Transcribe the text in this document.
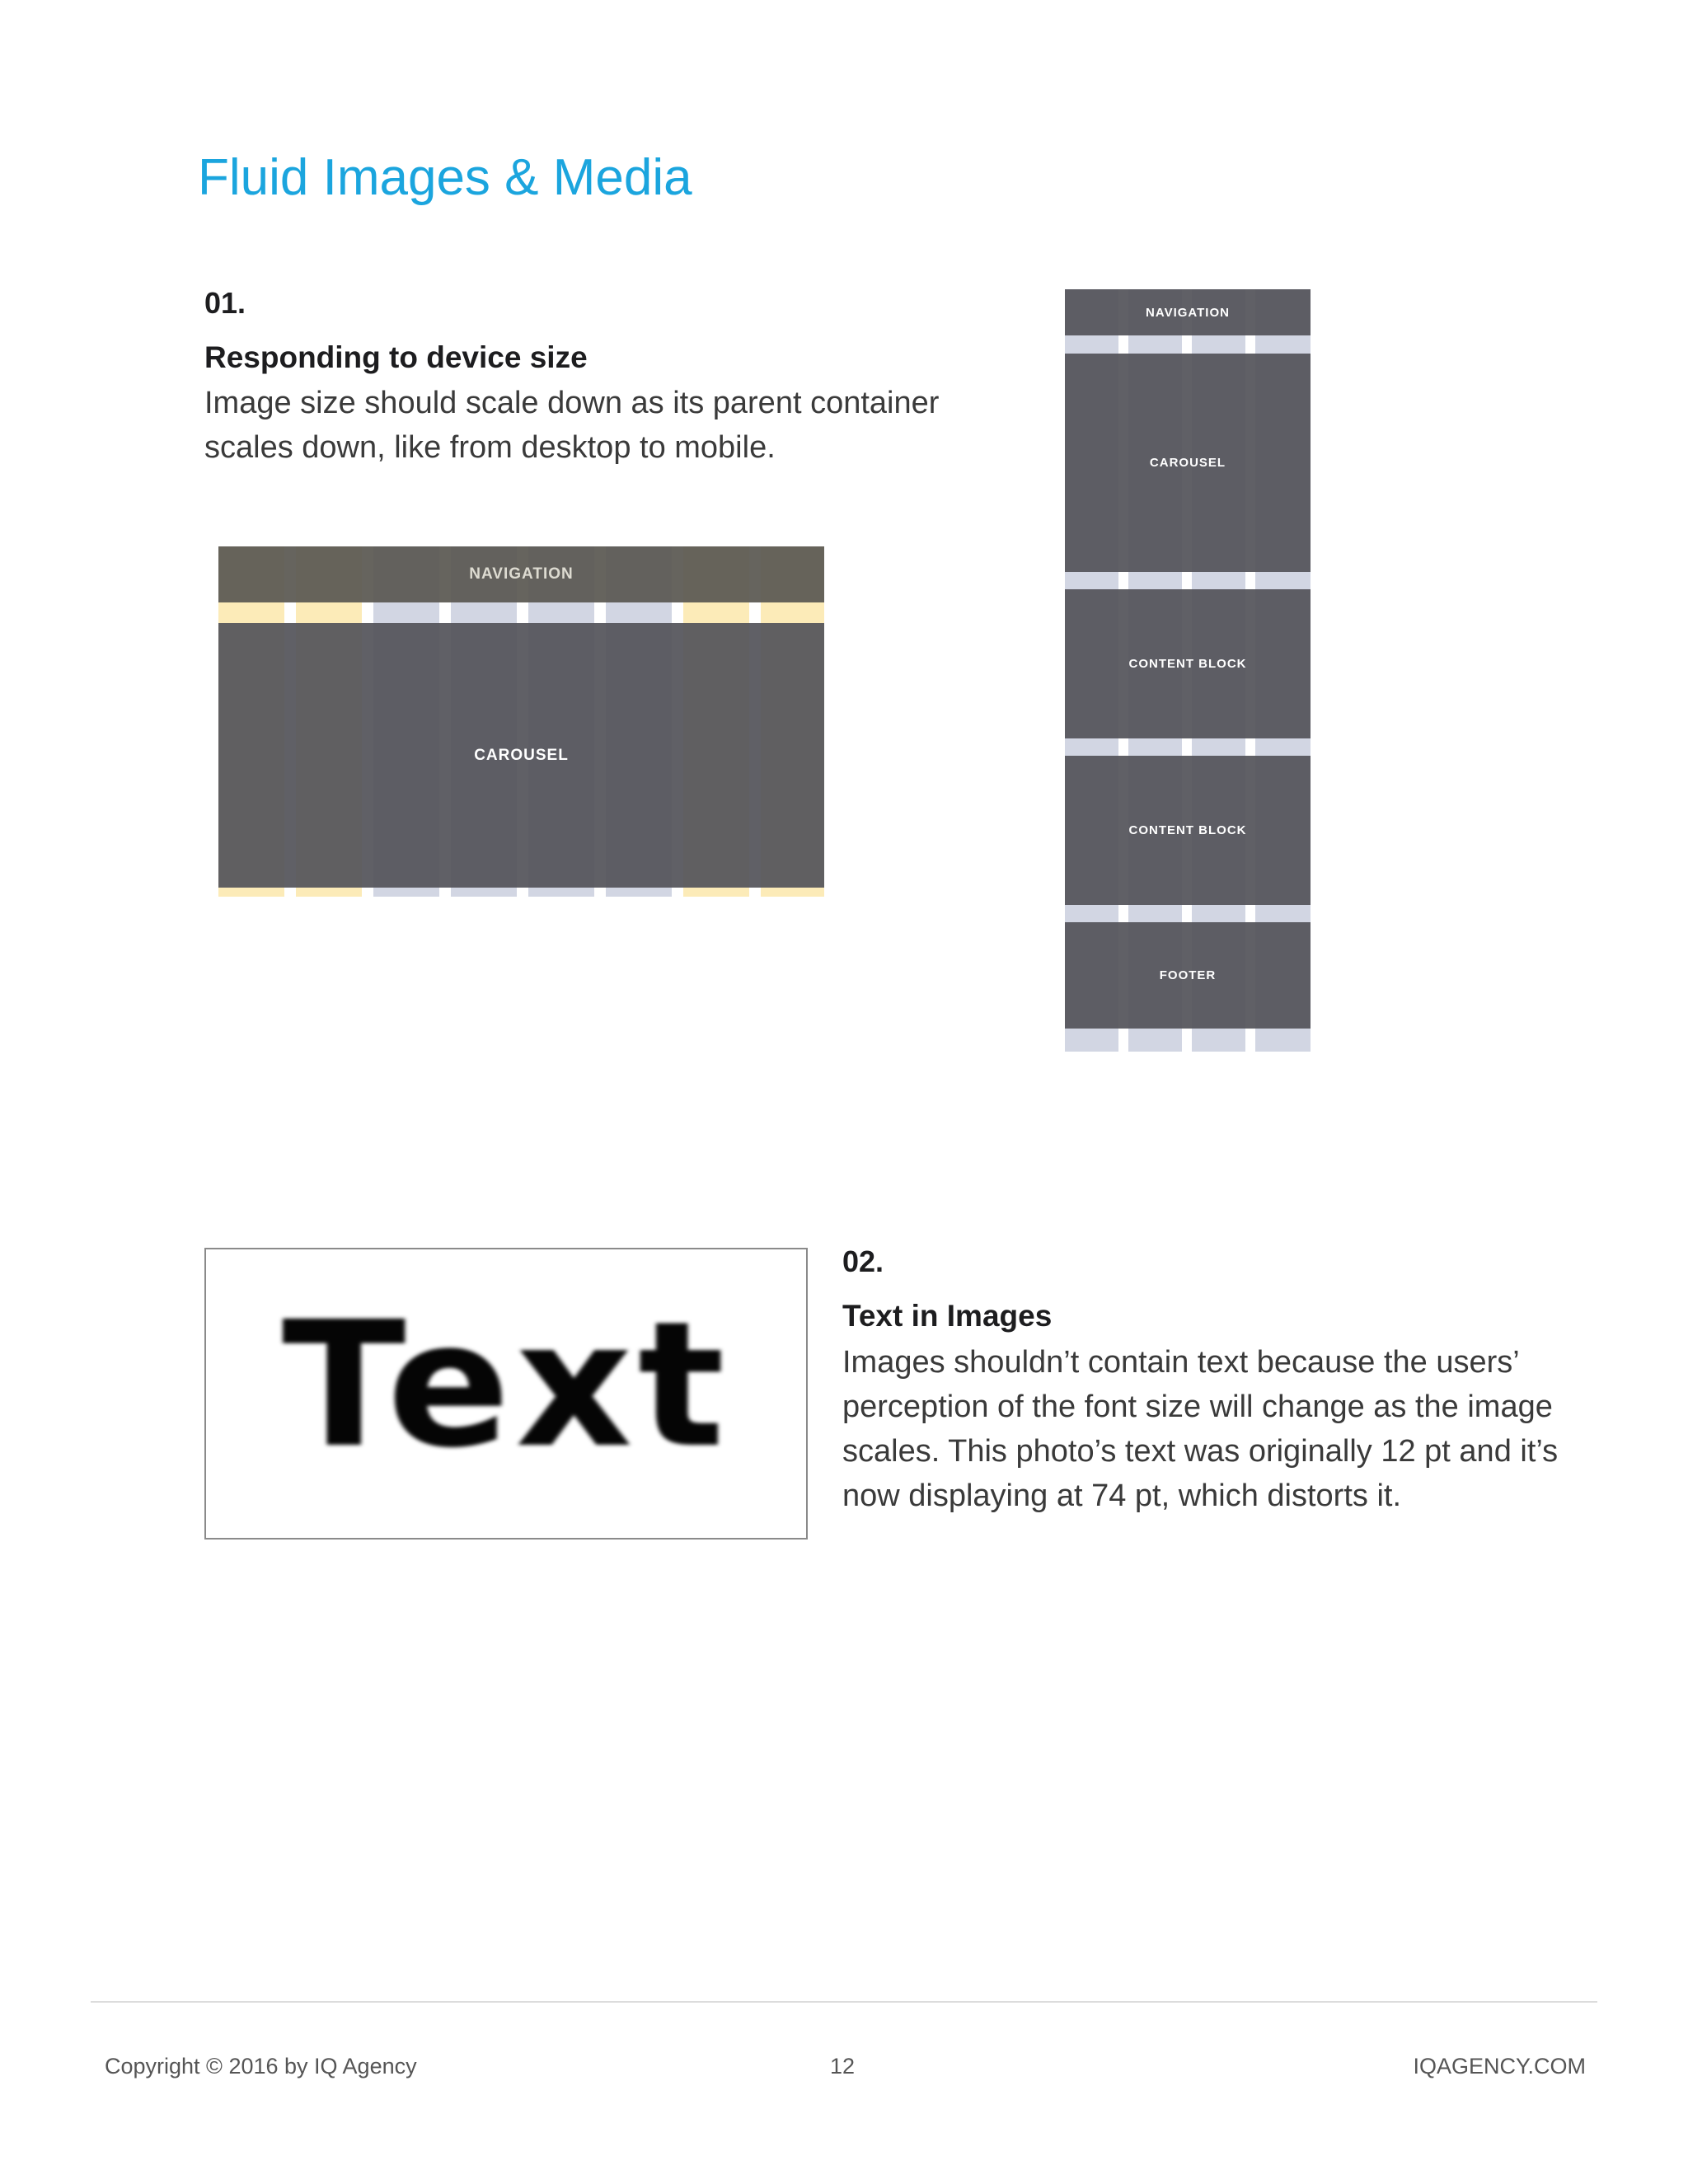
Fluid Images & Media

01.

Responding to device size

Image size should scale down as its parent container scales down, like from desktop to mobile.

NAVIGATION
CAROUSEL
NAVIGATION
CAROUSEL
CONTENT BLOCK
CONTENT BLOCK
FOOTER
Text

02.

Text in Images

Images shouldn’t contain text because the users’ perception of the font size will change as the image scales. This photo’s text was originally 12 pt and it’s now displaying at 74 pt, which distorts it.

Copyright © 2016 by IQ Agency	12	IQAGENCY.COM
